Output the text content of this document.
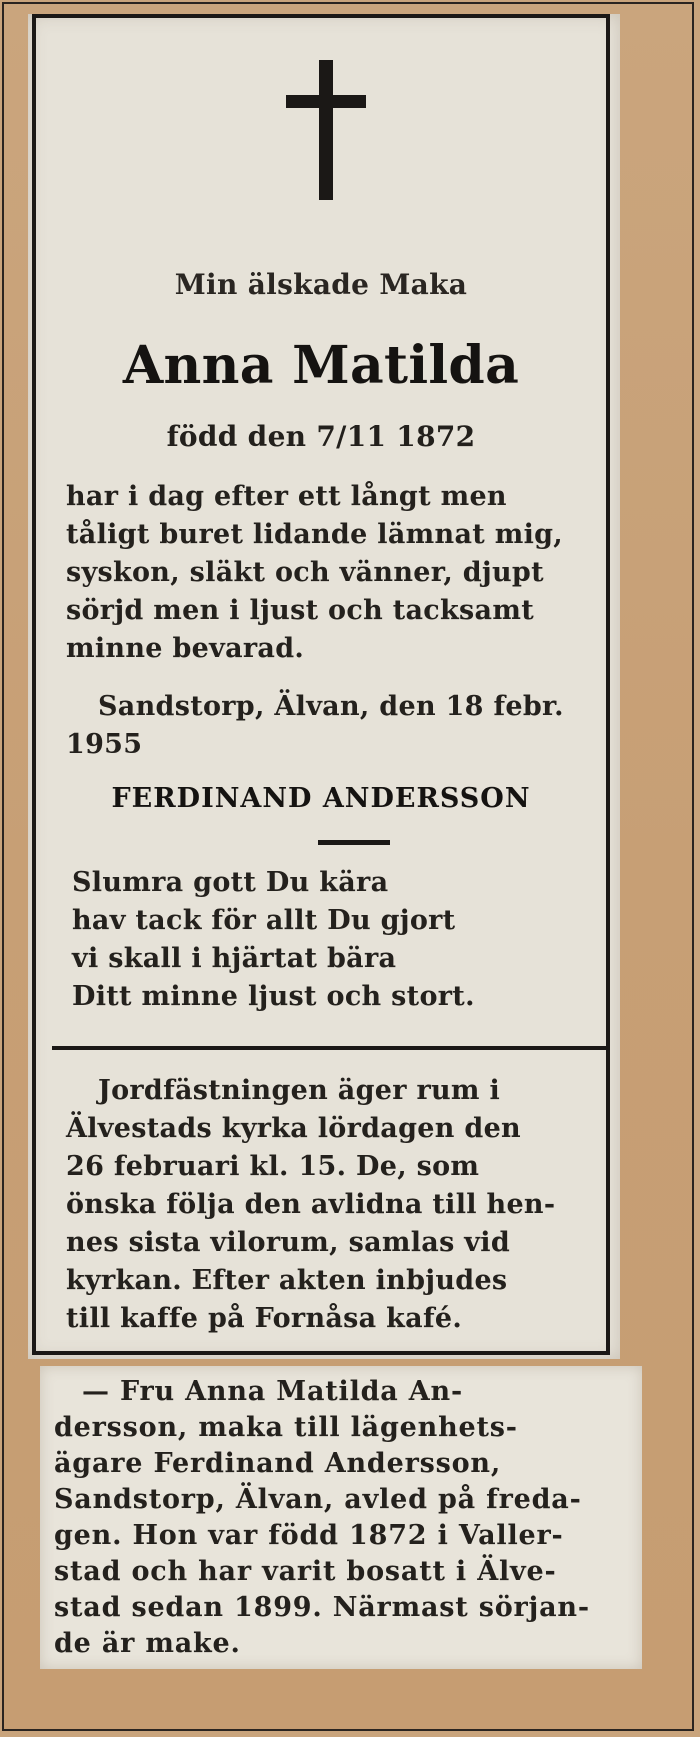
Min älskade Maka
Anna Matilda
född den 7/11 1872
har i dag efter ett långt men
tåligt buret lidande lämnat mig,
syskon, släkt och vänner, djupt
sörjd men i ljust och tacksamt
minne bevarad.
Sandstorp, Älvan, den 18 febr.
1955
FERDINAND ANDERSSON
Slumra gott Du kära
hav tack för allt Du gjort
vi skall i hjärtat bära
Ditt minne ljust och stort.
Jordfästningen äger rum i
Älvestads kyrka lördagen den
26 februari kl. 15. De, som
önska följa den avlidna till hen-
nes sista vilorum, samlas vid
kyrkan. Efter akten inbjudes
till kaffe på Fornåsa kafé.
— Fru Anna Matilda An-
dersson, maka till lägenhets-
ägare Ferdinand Andersson,
Sandstorp, Älvan, avled på freda-
gen. Hon var född 1872 i Valler-
stad och har varit bosatt i Älve-
stad sedan 1899. Närmast sörjan-
de är make.
